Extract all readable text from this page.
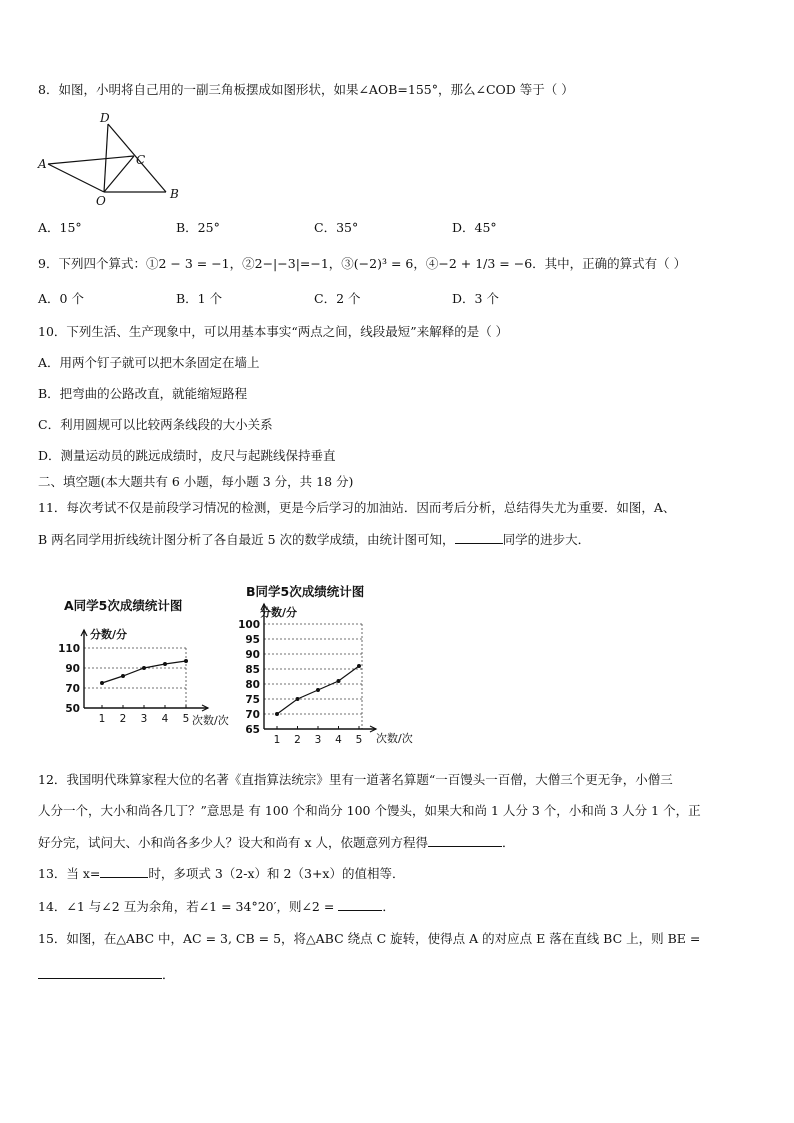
8．如图，小明将自己用的一副三角板摆成如图形状，如果∠AOB=155°，那么∠COD 等于（ ）
D
C
A
O	B
A．15°	B．25°	C．35°	D．45°
9．下列四个算式：①2 − 3 = −1，②2−|−3|=−1，③(−2)³ = 6，④−2 + 1/3 = −6．其中，正确的算式有（ ）
A．0 个	B．1 个	C．2 个	D．3 个
10．下列生活、生产现象中，可以用基本事实“两点之间，线段最短”来解释的是（ ）
A．用两个钉子就可以把木条固定在墙上
B．把弯曲的公路改直，就能缩短路程
C．利用圆规可以比较两条线段的大小关系
D．测量运动员的跳远成绩时，皮尺与起跳线保持垂直
二、填空题(本大题共有 6 小题，每小题 3 分，共 18 分)
11．每次考试不仅是前段学习情况的检测，更是今后学习的加油站．因而考后分析，总结得失尤为重要．如图，A、
B 两名同学用折线统计图分析了各自最近 5 次的数学成绩，由统计图可知，	同学的进步大．
A同学5次成绩统计图
分数/分
50
70
90
110
1 2 3 4 5 次数/次
B同学5次成绩统计图
分数/分
65
70
75
80
85
90
95
100
1 2 3 4 5 次数/次
12．我国明代珠算家程大位的名著《直指算法统宗》里有一道著名算题“一百馒头一百僧，大僧三个更无争，小僧三
人分一个，大小和尚各几丁？”意思是 有 100 个和尚分 100 个馒头，如果大和尚 1 人分 3 个，小和尚 3 人分 1 个，正
好分完，试问大、小和尚各多少人？设大和尚有 x 人，依题意列方程得	．
13．当 x=	时，多项式 3（2-x）和 2（3+x）的值相等．
14．∠1 与∠2 互为余角，若∠1 = 34°20′，则∠2 =	．
15．如图，在△ABC 中，AC = 3, CB = 5，将△ABC 绕点 C 旋转，使得点 A 的对应点 E 落在直线 BC 上，则 BE =
．
